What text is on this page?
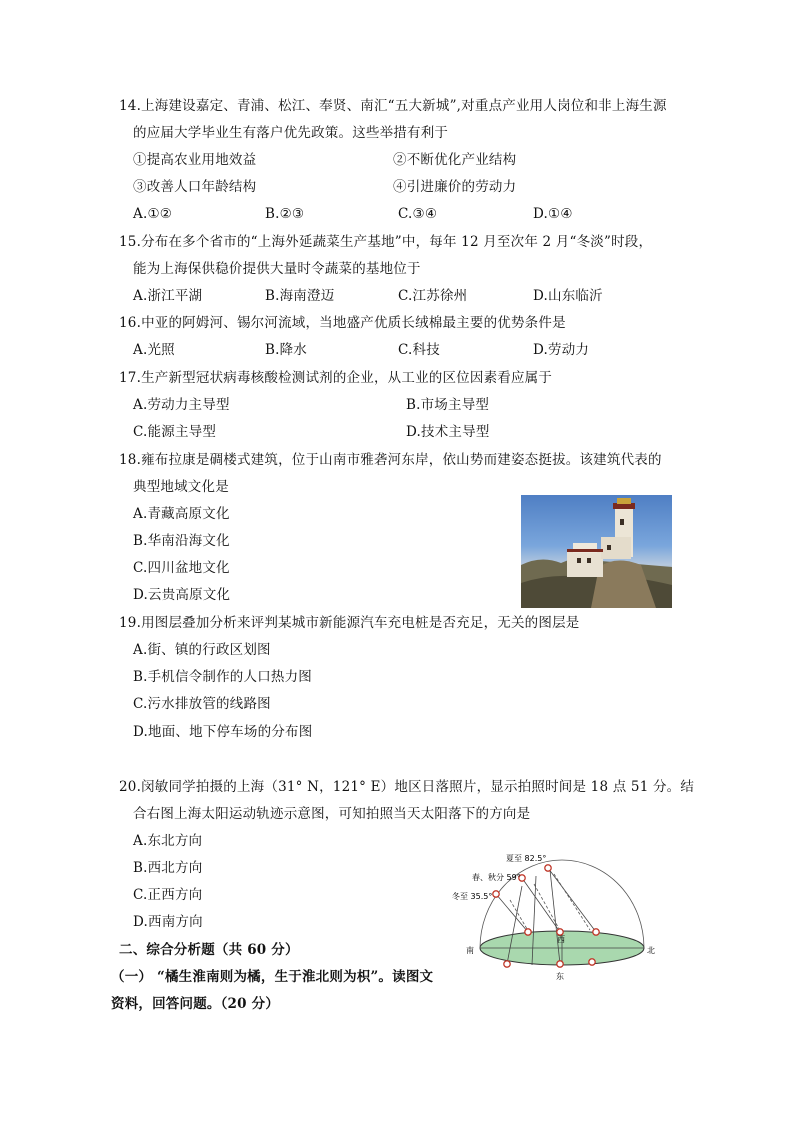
14.上海建设嘉定、青浦、松江、奉贤、南汇“五大新城”,对重点产业用人岗位和非上海生源
的应届大学毕业生有落户优先政策。这些举措有利于
①提高农业用地效益	②不断优化产业结构
③改善人口年龄结构	④引进廉价的劳动力
A.①②	B.②③	C.③④	D.①④
15.分布在多个省市的“上海外延蔬菜生产基地”中，每年 12 月至次年 2 月“冬淡”时段，
能为上海保供稳价提供大量时令蔬菜的基地位于
A.浙江平湖	B.海南澄迈	C.江苏徐州	D.山东临沂
16.中亚的阿姆河、锡尔河流域，当地盛产优质长绒棉最主要的优势条件是
A.光照	B.降水	C.科技	D.劳动力
17.生产新型冠状病毒核酸检测试剂的企业，从工业的区位因素看应属于
A.劳动力主导型	B.市场主导型
C.能源主导型	D.技术主导型
18.雍布拉康是碉楼式建筑，位于山南市雅砻河东岸，依山势而建姿态挺拔。该建筑代表的
典型地域文化是
A.青藏高原文化
B.华南沿海文化
C.四川盆地文化
D.云贵高原文化
19.用图层叠加分析来评判某城市新能源汽车充电桩是否充足，无关的图层是
A.街、镇的行政区划图
B.手机信令制作的人口热力图
C.污水排放管的线路图
D.地面、地下停车场的分布图
20.闵敏同学拍摄的上海（31° N，121° E）地区日落照片，显示拍照时间是 18 点 51 分。结
合右图上海太阳运动轨迹示意图，可知拍照当天太阳落下的方向是
A.东北方向
B.西北方向
C.正西方向
D.西南方向
夏至 82.5°
春、秋分 59°
冬至 35.5°
南	北
西
东
二、综合分析题（共 60 分）
（一） “橘生淮南则为橘，生于淮北则为枳”。读图文
资料，回答问题。（20 分）
